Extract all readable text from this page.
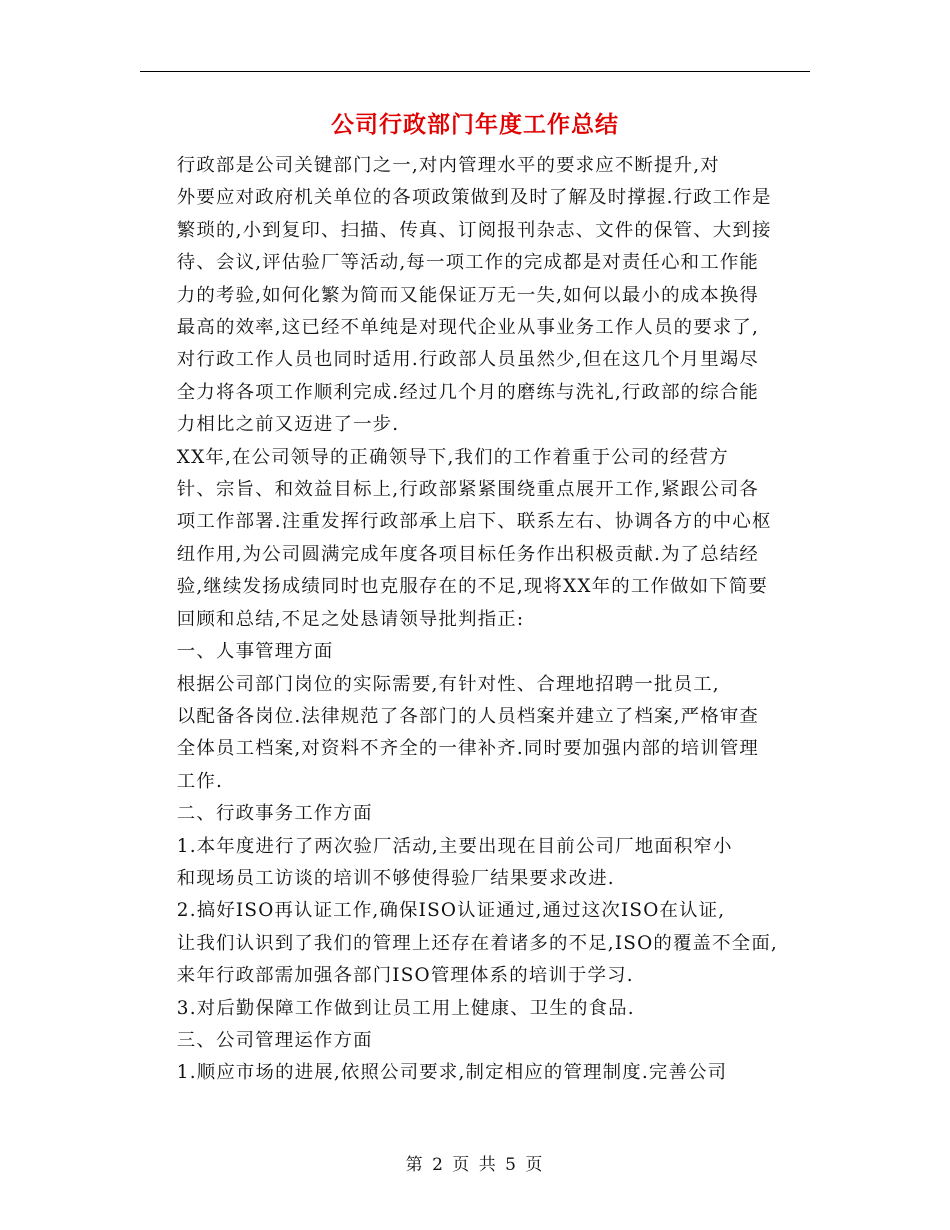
公司行政部门年度工作总结

行政部是公司关键部门之一,对内管理水平的要求应不断提升,对
外要应对政府机关单位的各项政策做到及时了解及时撑握.行政工作是
繁琐的,小到复印、扫描、传真、订阅报刊杂志、文件的保管、大到接
待、会议,评估验厂等活动,每一项工作的完成都是对责任心和工作能
力的考验,如何化繁为简而又能保证万无一失,如何以最小的成本换得
最高的效率,这已经不单纯是对现代企业从事业务工作人员的要求了,
对行政工作人员也同时适用.行政部人员虽然少,但在这几个月里竭尽
全力将各项工作顺利完成.经过几个月的磨练与洗礼,行政部的综合能
力相比之前又迈进了一步.

XX年,在公司领导的正确领导下,我们的工作着重于公司的经营方
针、宗旨、和效益目标上,行政部紧紧围绕重点展开工作,紧跟公司各
项工作部署.注重发挥行政部承上启下、联系左右、协调各方的中心枢
纽作用,为公司圆满完成年度各项目标任务作出积极贡献.为了总结经
验,继续发扬成绩同时也克服存在的不足,现将XX年的工作做如下简要
回顾和总结,不足之处恳请领导批判指正:

一、人事管理方面

根据公司部门岗位的实际需要,有针对性、合理地招聘一批员工,
以配备各岗位.法律规范了各部门的人员档案并建立了档案,严格审查
全体员工档案,对资料不齐全的一律补齐.同时要加强内部的培训管理
工作.

二、行政事务工作方面

1.本年度进行了两次验厂活动,主要出现在目前公司厂地面积窄小
和现场员工访谈的培训不够使得验厂结果要求改进.

2.搞好ISO再认证工作,确保ISO认证通过,通过这次ISO在认证,
让我们认识到了我们的管理上还存在着诸多的不足,ISO的覆盖不全面,
来年行政部需加强各部门ISO管理体系的培训于学习.

3.对后勤保障工作做到让员工用上健康、卫生的食品.

三、公司管理运作方面

1.顺应市场的进展,依照公司要求,制定相应的管理制度.完善公司

第 2 页 共 5 页
